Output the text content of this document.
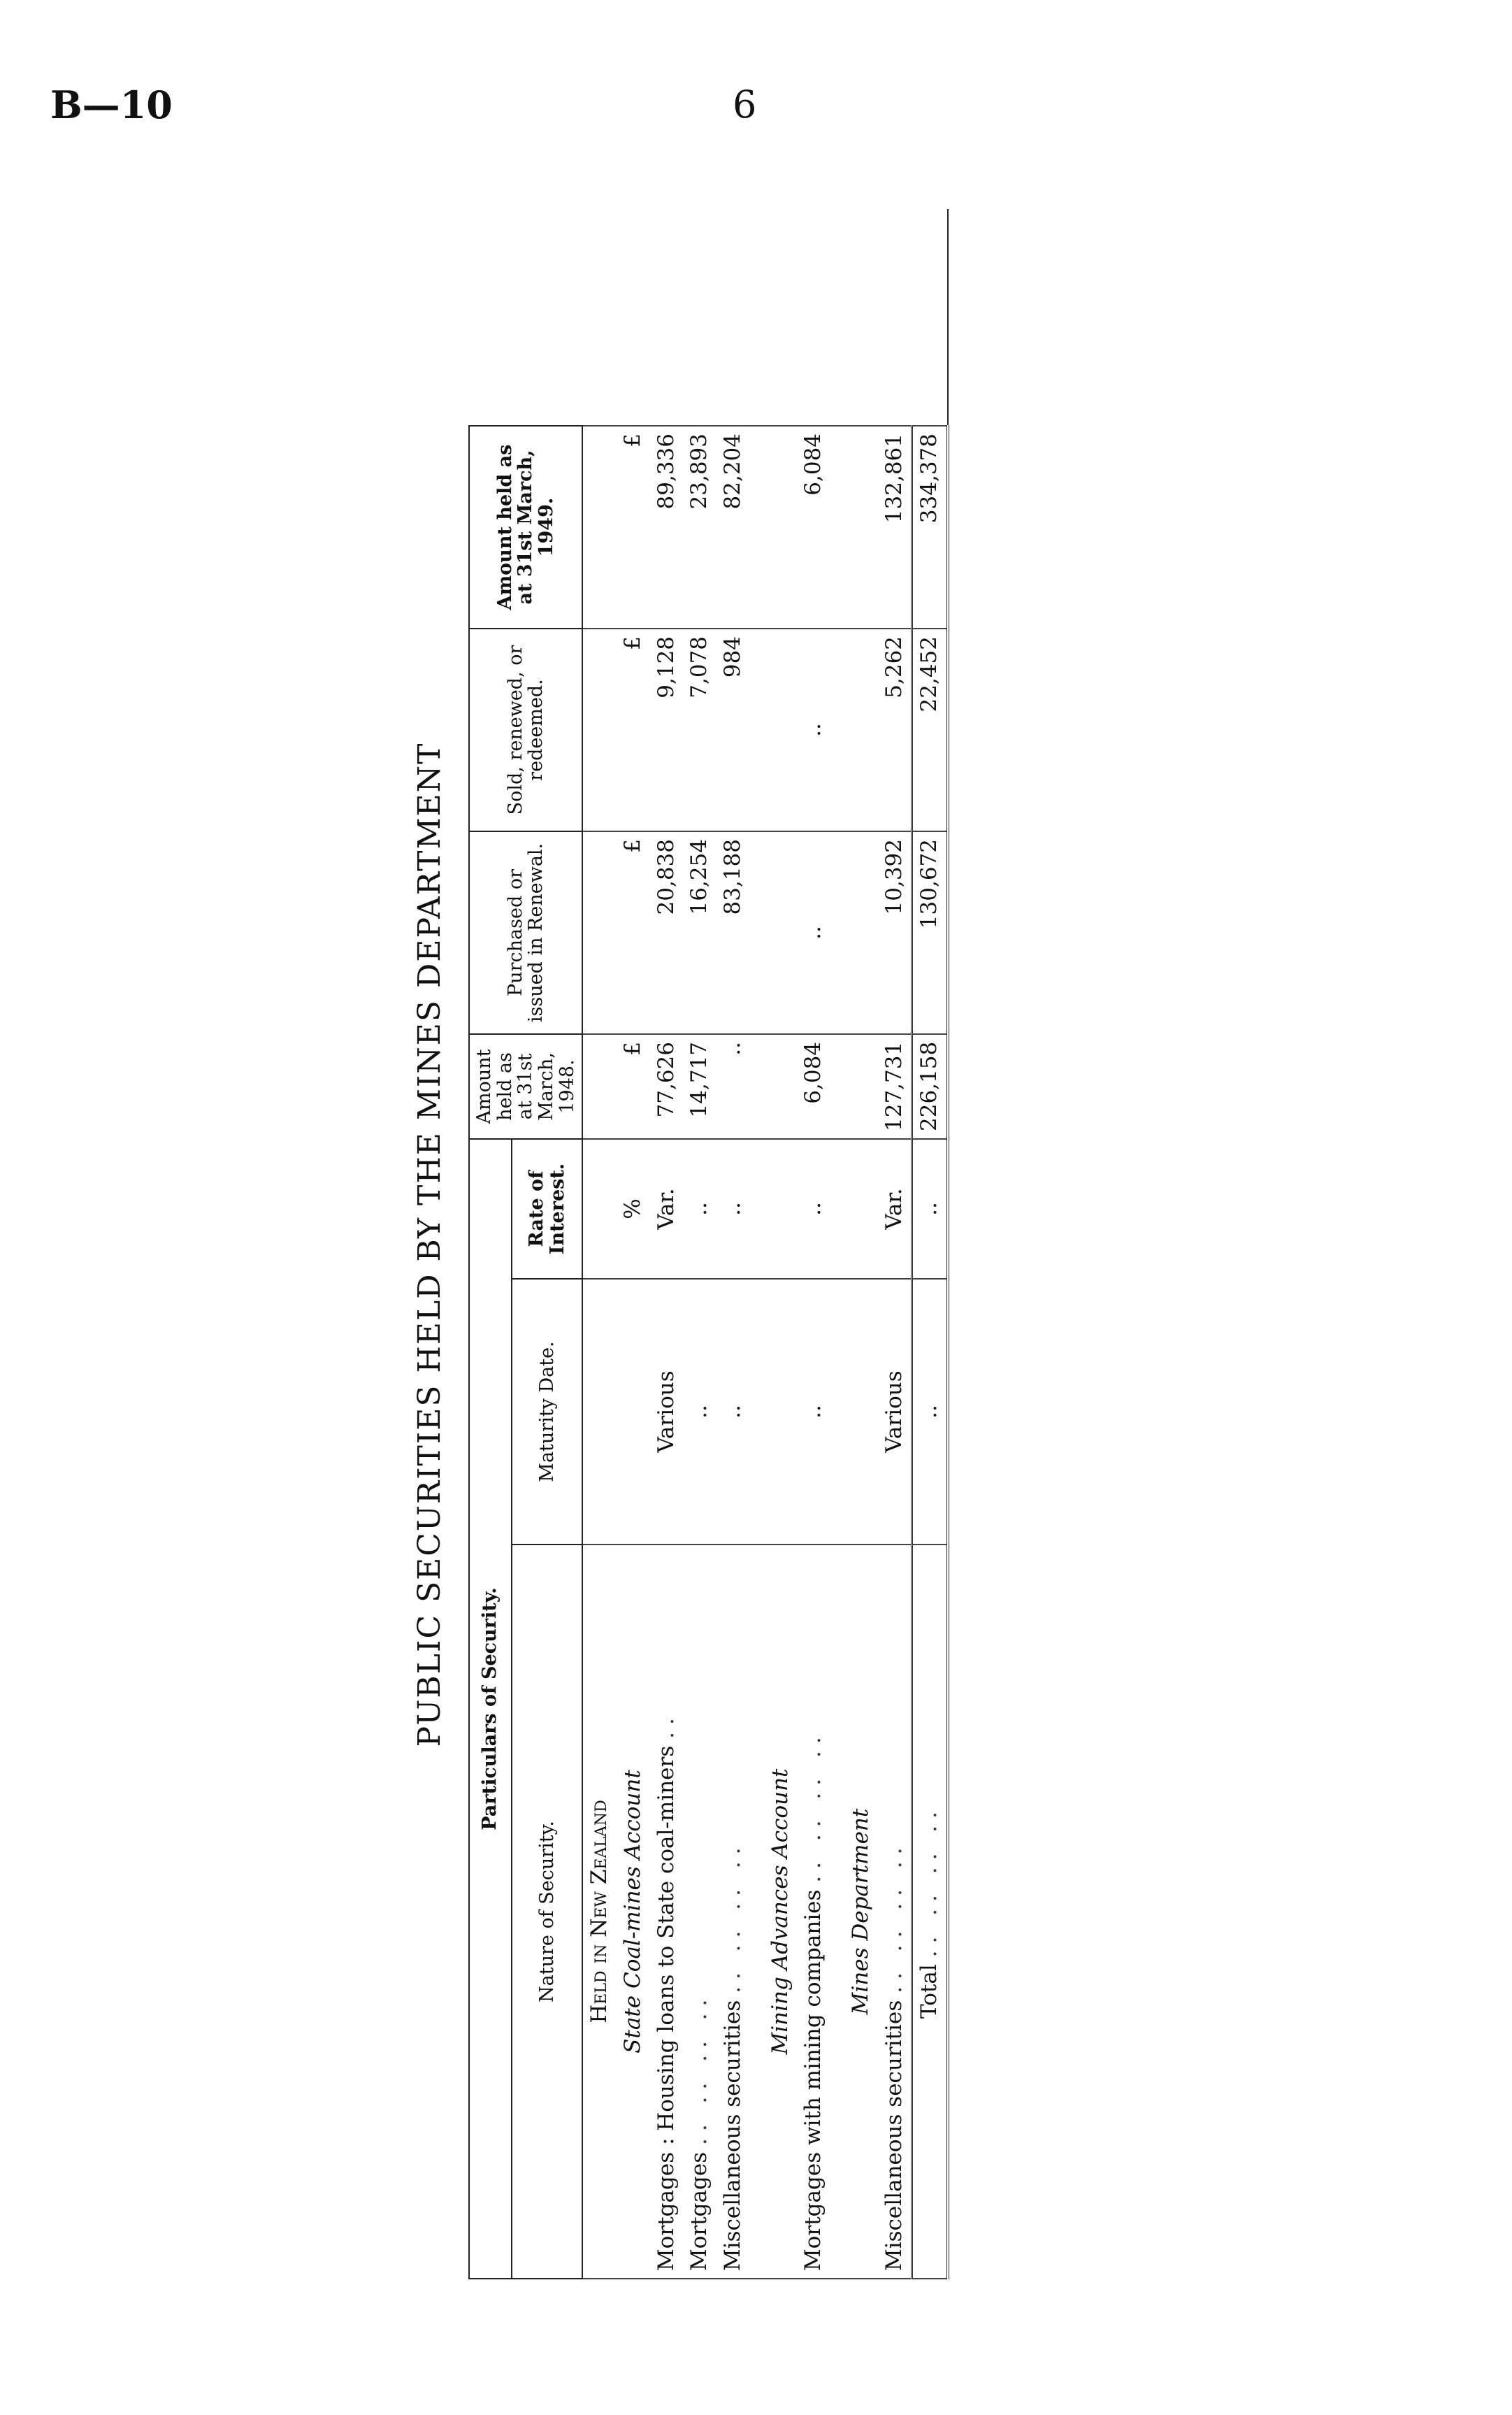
B—10	6
PUBLIC SECURITIES HELD BY THE MINES DEPARTMENT	Particulars of Security.			Amount held as at 31st March, 1948.	Purchased or issued in Renewal.	Sold, renewed, or redeemed.	Amount held as at 31st March, 1949.
Nature of Security.	Maturity Date.	Rate of Interest.				
Held in New Zealand						
State Coal-mines Account		%	£	£	£	£
Mortgages : Housing loans to State coal-miners ..	Various	Var.	77,626	20,838	9,128	89,336
Mortgages .. .. .. ..	..	..	14,717	16,254	7,078	23,893
Miscellaneous securities .. .. .. ..	..	..	..	83,188	984	82,204
Mining Advances Account						
Mortgages with mining companies .. .. .. ..	..	..	6,084	..	..	6,084
Mines Department						
Miscellaneous securities .. .. .. ..	Various	Var.	127,731	10,392	5,262	132,861
Total .. .. .. ..	..	..	226,158	130,672	22,452	334,378
